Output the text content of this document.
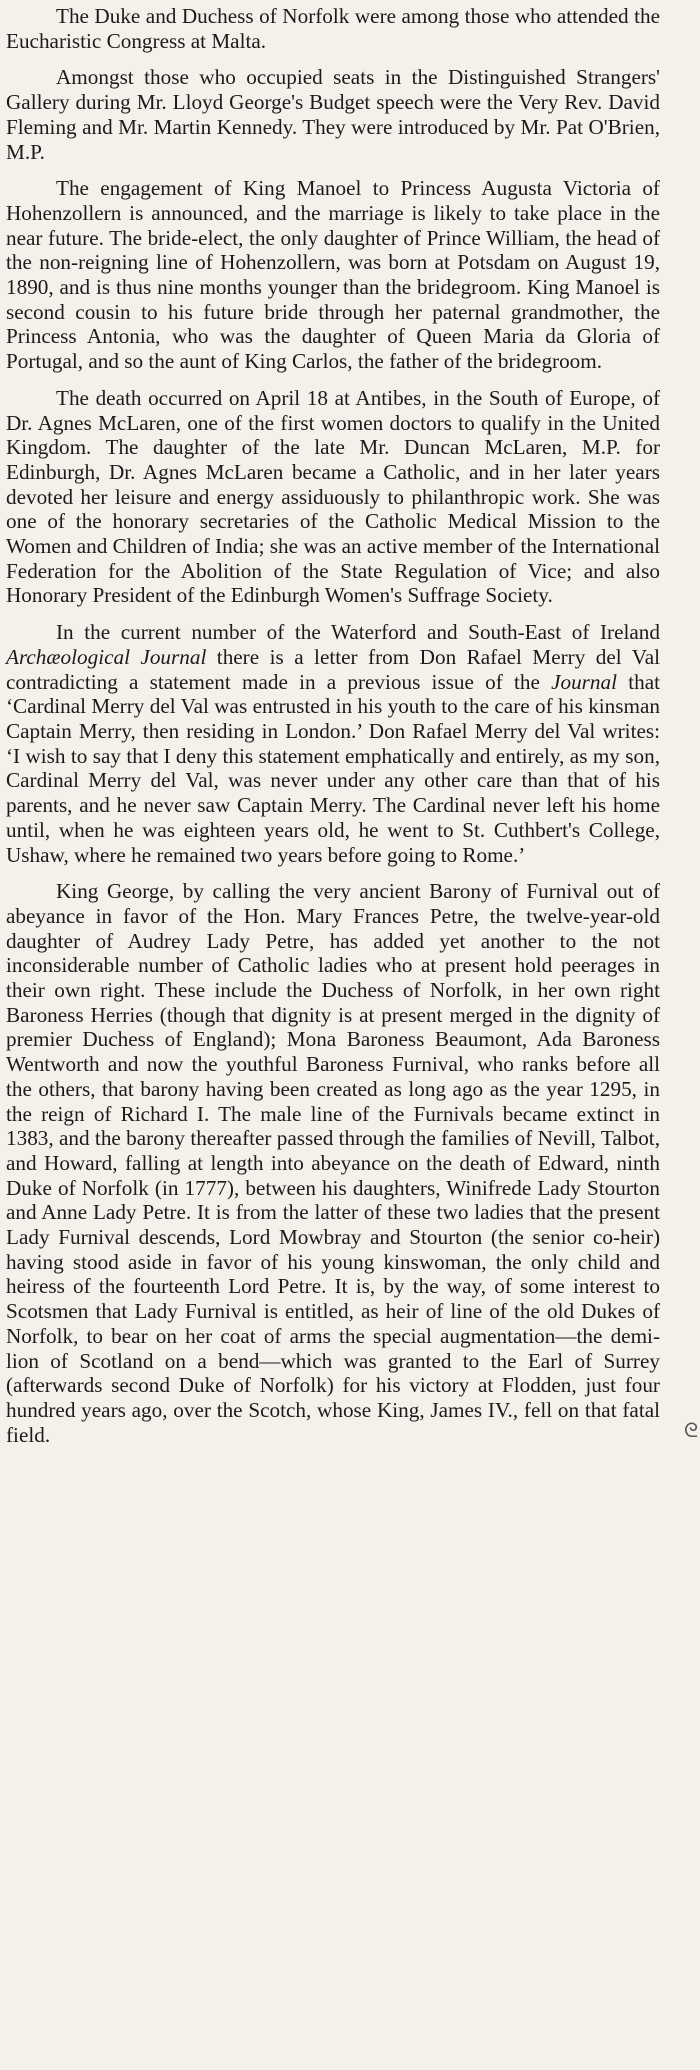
The Duke and Duchess of Norfolk were among those who attended the Eucharistic Congress at Malta.

Amongst those who occupied seats in the Distinguished Strangers' Gallery during Mr. Lloyd George's Budget speech were the Very Rev. David Fleming and Mr. Martin Kennedy. They were introduced by Mr. Pat O'Brien, M.P.

The engagement of King Manoel to Princess Augusta Victoria of Hohenzollern is announced, and the marriage is likely to take place in the near future. The bride-elect, the only daughter of Prince William, the head of the non-reigning line of Hohenzollern, was born at Potsdam on August 19, 1890, and is thus nine months younger than the bridegroom. King Manoel is second cousin to his future bride through her paternal grandmother, the Princess Antonia, who was the daughter of Queen Maria da Gloria of Portugal, and so the aunt of King Carlos, the father of the bridegroom.

The death occurred on April 18 at Antibes, in the South of Europe, of Dr. Agnes McLaren, one of the first women doctors to qualify in the United Kingdom. The daughter of the late Mr. Duncan McLaren, M.P. for Edinburgh, Dr. Agnes McLaren became a Catholic, and in her later years devoted her leisure and energy assiduously to philanthropic work. She was one of the honorary secretaries of the Catholic Medical Mission to the Women and Children of India; she was an active member of the International Federation for the Abolition of the State Regulation of Vice; and also Honorary President of the Edinburgh Women's Suffrage Society.

In the current number of the Waterford and South-East of Ireland Archæological Journal there is a letter from Don Rafael Merry del Val contradicting a statement made in a previous issue of the Journal that ‘Cardinal Merry del Val was entrusted in his youth to the care of his kinsman Captain Merry, then residing in London.’ Don Rafael Merry del Val writes: ‘I wish to say that I deny this statement emphatically and entirely, as my son, Cardinal Merry del Val, was never under any other care than that of his parents, and he never saw Captain Merry. The Cardinal never left his home until, when he was eighteen years old, he went to St. Cuthbert's College, Ushaw, where he remained two years before going to Rome.’

King George, by calling the very ancient Barony of Furnival out of abeyance in favor of the Hon. Mary Frances Petre, the twelve-year-old daughter of Audrey Lady Petre, has added yet another to the not inconsiderable number of Catholic ladies who at present hold peerages in their own right. These include the Duchess of Norfolk, in her own right Baroness Herries (though that dignity is at present merged in the dignity of premier Duchess of England); Mona Baroness Beaumont, Ada Baroness Wentworth and now the youthful Baroness Furnival, who ranks before all the others, that barony having been created as long ago as the year 1295, in the reign of Richard I. The male line of the Furnivals became extinct in 1383, and the barony thereafter passed through the families of Nevill, Talbot, and Howard, falling at length into abeyance on the death of Edward, ninth Duke of Norfolk (in 1777), between his daughters, Winifrede Lady Stourton and Anne Lady Petre. It is from the latter of these two ladies that the present Lady Furnival descends, Lord Mowbray and Stourton (the senior co-heir) having stood aside in favor of his young kinswoman, the only child and heiress of the fourteenth Lord Petre. It is, by the way, of some interest to Scotsmen that Lady Furnival is entitled, as heir of line of the old Dukes of Norfolk, to bear on her coat of arms the special augmentation—the demi-lion of Scotland on a bend—which was granted to the Earl of Surrey (afterwards second Duke of Norfolk) for his victory at Flodden, just four hundred years ago, over the Scotch, whose King, James IV., fell on that fatal field.	ᘓ
